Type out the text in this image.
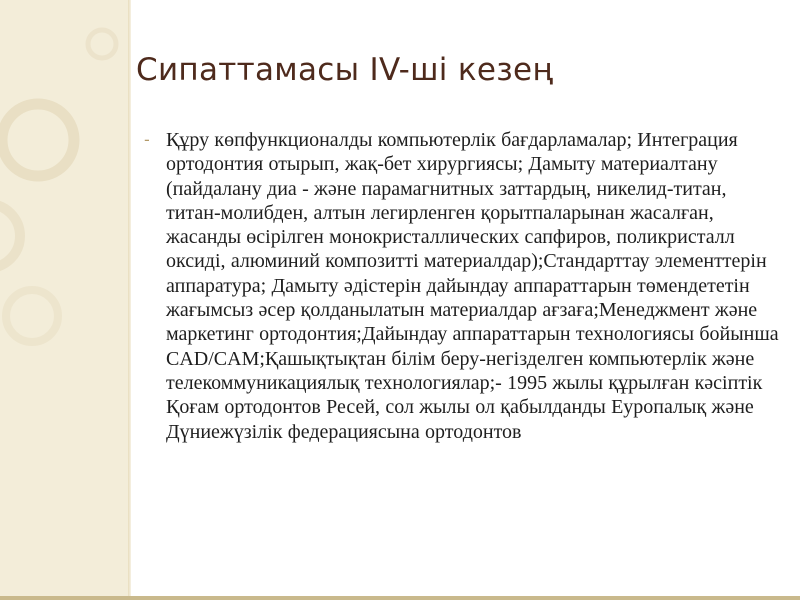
Сипаттамасы IV-ші кезең
- Құру көпфункционалды компьютерлік бағдарламалар; Интеграция ортодонтия отырып, жақ-бет хирургиясы; Дамыту материалтану (пайдалану диа - және парамагнитных заттардың, никелид-титан, титан-молибден, алтын легирленген қорытпаларынан жасалған, жасанды өсірілген монокристаллических сапфиров, поликристалл оксиді, алюминий композитті материалдар);Стандарттау элементтерін аппаратура; Дамыту әдістерін дайындау аппараттарын төмендететін жағымсыз әсер қолданылатын материалдар ағзаға;Менеджмент және маркетинг ортодонтия;Дайындау аппараттарын технологиясы бойынша CAD/CAM;Қашықтықтан білім беру-негізделген компьютерлік және телекоммуникациялық технологиялар;- 1995 жылы құрылған кәсіптік Қоғам ортодонтов Ресей, сол жылы ол қабылданды Еуропалық және Дүниежүзілік федерациясына ортодонтов
